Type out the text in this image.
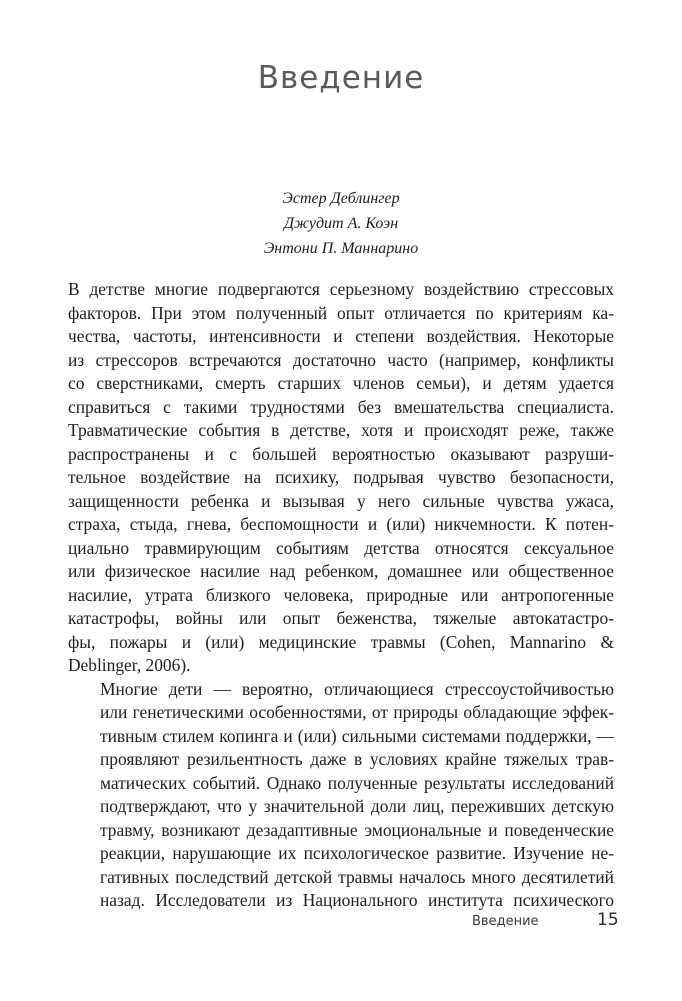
Введение
Эстер Деблингер
Джудит А. Коэн
Энтони П. Маннарино

В детстве многие подвергаются серьезному воздействию стрессовых
факторов. При этом полученный опыт отличается по критериям ка-
чества, частоты, интенсивности и степени воздействия. Некоторые
из стрессоров встречаются достаточно часто (например, конфликты
со сверстниками, смерть старших членов семьи), и детям удается
справиться с такими трудностями без вмешательства специалиста.
Травматические события в детстве, хотя и происходят реже, также
распространены и с большей вероятностью оказывают разруши-
тельное воздействие на психику, подрывая чувство безопасности,
защищенности ребенка и вызывая у него сильные чувства ужаса,
страха, стыда, гнева, беспомощности и (или) никчемности. К потен-
циально травмирующим событиям детства относятся сексуальное
или физическое насилие над ребенком, домашнее или общественное
насилие, утрата близкого человека, природные или антропогенные
катастрофы, войны или опыт беженства, тяжелые автокатастро-
фы, пожары и (или) медицинские травмы (Cohen, Mannarino &
Deblinger, 2006).

Многие дети — вероятно, отличающиеся стрессоустойчивостью
или генетическими особенностями, от природы обладающие эффек-
тивным стилем копинга и (или) сильными системами поддержки, —
проявляют резильентность даже в условиях крайне тяжелых трав-
матических событий. Однако полученные результаты исследований
подтверждают, что у значительной доли лиц, переживших детскую
травму, возникают дезадаптивные эмоциональные и поведенческие
реакции, нарушающие их психологическое развитие. Изучение не-
гативных последствий детской травмы началось много десятилетий
назад. Исследователи из Национального института психического

Введение	15
